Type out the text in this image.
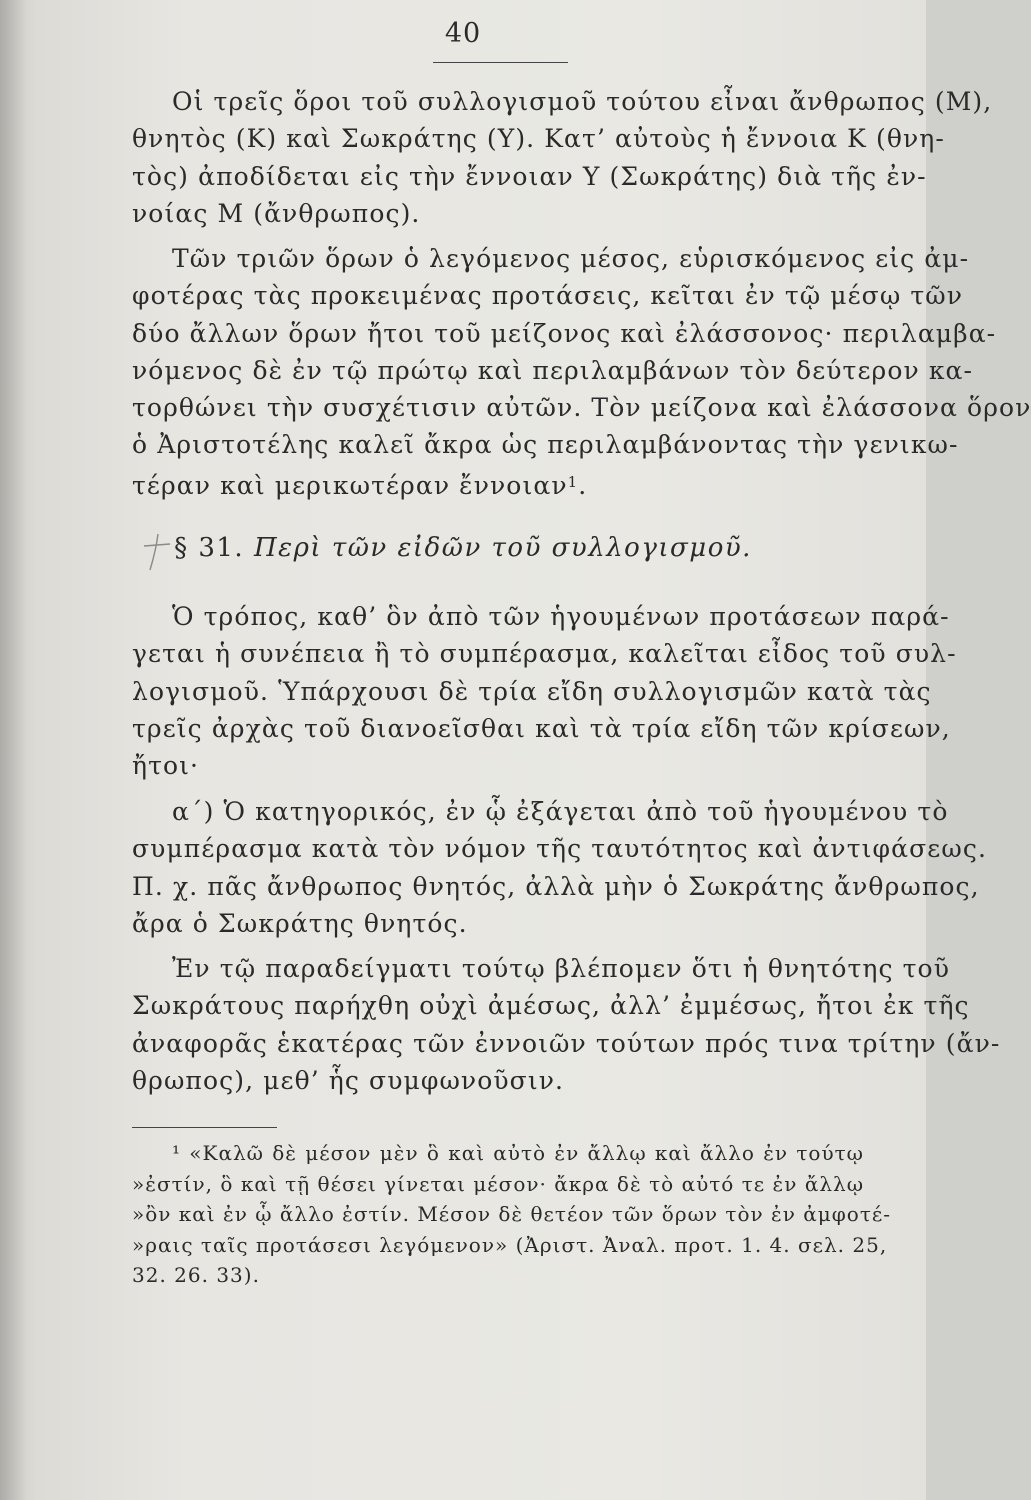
40
Οἱ τρεῖς ὅροι τοῦ συλλογισμοῦ τούτου εἶναι ἄνθρωπος (Μ),
θνητὸς (Κ) καὶ Σωκράτης (Υ). Κατ’ αὐτοὺς ἡ ἔννοια Κ (θνη-
τὸς) ἀποδίδεται εἰς τὴν ἔννοιαν Υ (Σωκράτης) διὰ τῆς ἐν-
νοίας Μ (ἄνθρωπος).
Τῶν τριῶν ὅρων ὁ λεγόμενος μέσος, εὑρισκόμενος εἰς ἀμ-
φοτέρας τὰς προκειμένας προτάσεις, κεῖται ἐν τῷ μέσῳ τῶν
δύο ἄλλων ὅρων ἤτοι τοῦ μείζονος καὶ ἐλάσσονος· περιλαμβα-
νόμενος δὲ ἐν τῷ πρώτῳ καὶ περιλαμβάνων τὸν δεύτερον κα-
τορθώνει τὴν συσχέτισιν αὐτῶν. Τὸν μείζονα καὶ ἐλάσσονα ὅρον
ὁ Ἀριστοτέλης καλεῖ ἄκρα ὡς περιλαμβάνοντας τὴν γενικω-
τέραν καὶ μερικωτέραν ἔννοιαν$^1$.
§ 31. Περὶ τῶν εἰδῶν τοῦ συλλογισμοῦ.
Ὁ τρόπος, καθ’ ὃν ἀπὸ τῶν ἡγουμένων προτάσεων παρά-
γεται ἡ συνέπεια ἢ τὸ συμπέρασμα, καλεῖται εἶδος τοῦ συλ-
λογισμοῦ. Ὑπάρχουσι δὲ τρία εἴδη συλλογισμῶν κατὰ τὰς
τρεῖς ἀρχὰς τοῦ διανοεῖσθαι καὶ τὰ τρία εἴδη τῶν κρίσεων,
ἤτοι·
α΄) Ὁ κατηγορικός, ἐν ᾧ ἐξάγεται ἀπὸ τοῦ ἡγουμένου τὸ
συμπέρασμα κατὰ τὸν νόμον τῆς ταυτότητος καὶ ἀντιφάσεως.
Π. χ. πᾶς ἄνθρωπος θνητός, ἀλλὰ μὴν ὁ Σωκράτης ἄνθρωπος,
ἄρα ὁ Σωκράτης θνητός.
Ἐν τῷ παραδείγματι τούτῳ βλέπομεν ὅτι ἡ θνητότης τοῦ
Σωκράτους παρήχθη οὐχὶ ἀμέσως, ἀλλ’ ἐμμέσως, ἤτοι ἐκ τῆς
ἀναφορᾶς ἑκατέρας τῶν ἐννοιῶν τούτων πρός τινα τρίτην (ἄν-
θρωπος), μεθ’ ἧς συμφωνοῦσιν.
¹ «Καλῶ δὲ μέσον μὲν ὃ καὶ αὐτὸ ἐν ἄλλῳ καὶ ἄλλο ἐν τούτῳ
»ἐστίν, ὃ καὶ τῇ θέσει γίνεται μέσον· ἄκρα δὲ τὸ αὐτό τε ἐν ἄλλῳ
»ὂν καὶ ἐν ᾧ ἄλλο ἐστίν. Μέσον δὲ θετέον τῶν ὅρων τὸν ἐν ἀμφοτέ-
»ραις ταῖς προτάσεσι λεγόμενον» (Ἀριστ. Ἀναλ. προτ. 1. 4. σελ. 25,
32. 26. 33).
